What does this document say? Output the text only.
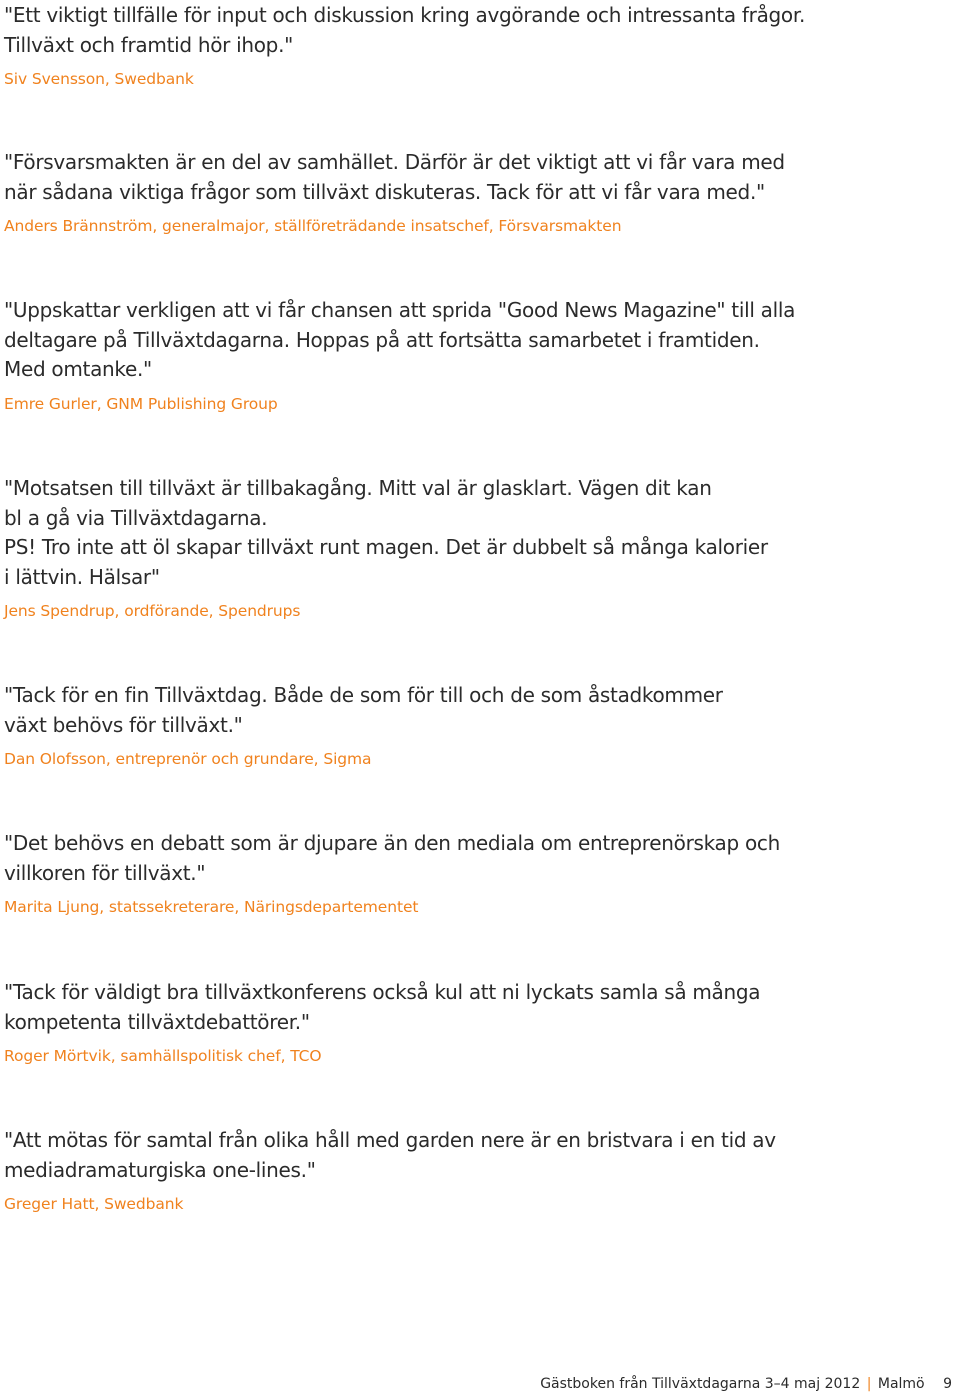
"Ett viktigt tillfälle för input och diskussion kring avgörande och intressanta frågor.
Tillväxt och framtid hör ihop."

Siv Svensson, Swedbank

"Försvarsmakten är en del av samhället. Därför är det viktigt att vi får vara med
när sådana viktiga frågor som tillväxt diskuteras. Tack för att vi får vara med."

Anders Brännström, generalmajor, ställföreträdande insatschef, Försvarsmakten

"Uppskattar verkligen att vi får chansen att sprida "Good News Magazine" till alla
deltagare på Tillväxtdagarna. Hoppas på att fortsätta samarbetet i framtiden.
Med omtanke."

Emre Gurler, GNM Publishing Group

"Motsatsen till tillväxt är tillbakagång. Mitt val är glasklart. Vägen dit kan
bl a gå via Tillväxtdagarna.
PS! Tro inte att öl skapar tillväxt runt magen. Det är dubbelt så många kalorier
i lättvin. Hälsar"

Jens Spendrup, ordförande, Spendrups

"Tack för en fin Tillväxtdag. Både de som för till och de som åstadkommer
växt behövs för tillväxt."

Dan Olofsson, entreprenör och grundare, Sigma

"Det behövs en debatt som är djupare än den mediala om entreprenörskap och
villkoren för tillväxt."

Marita Ljung, statssekreterare, Näringsdepartementet

"Tack för väldigt bra tillväxtkonferens också kul att ni lyckats samla så många
kompetenta tillväxtdebattörer."

Roger Mörtvik, samhällspolitisk chef, TCO

"Att mötas för samtal från olika håll med garden nere är en bristvara i en tid av
mediadramaturgiska one-lines."

Greger Hatt, Swedbank
Gästboken från Tillväxtdagarna 3–4 maj 2012 | Malmö 9
